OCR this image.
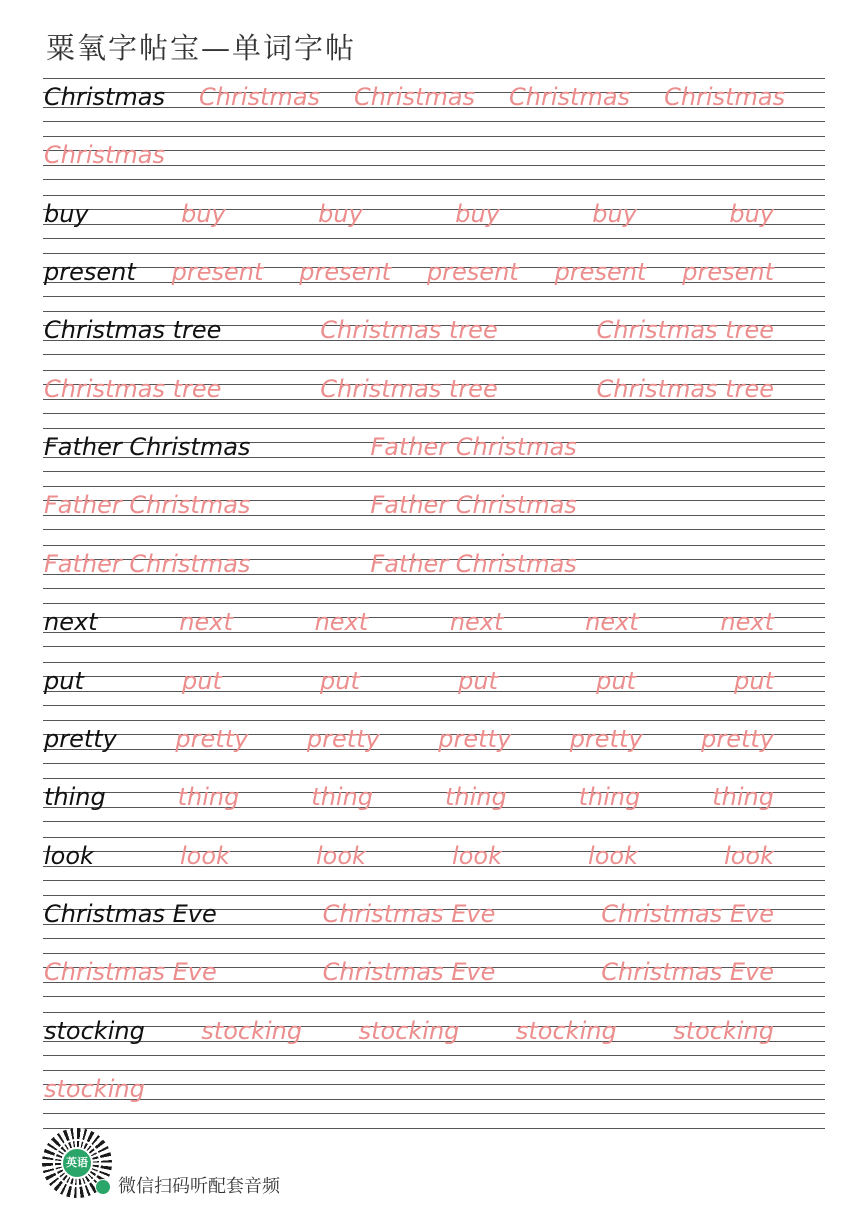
粟氧字帖宝—单词字帖
Christmas Christmas Christmas Christmas Christmas
Christmas
buy	buy	buy	buy	buy	buy
present present present present present present
Christmas tree	Christmas tree	Christmas tree
Christmas tree	Christmas tree	Christmas tree
Father Christmas	Father Christmas
Father Christmas	Father Christmas
Father Christmas	Father Christmas
next	next	next	next	next	next
put	put	put	put	put	put
pretty pretty pretty pretty pretty pretty
thing	thing	thing	thing	thing	thing
look	look	look	look	look	look
Christmas Eve	Christmas Eve	Christmas Eve
Christmas Eve	Christmas Eve	Christmas Eve
stocking stocking stocking stocking stocking
stocking
英语
微信扫码听配套音频
